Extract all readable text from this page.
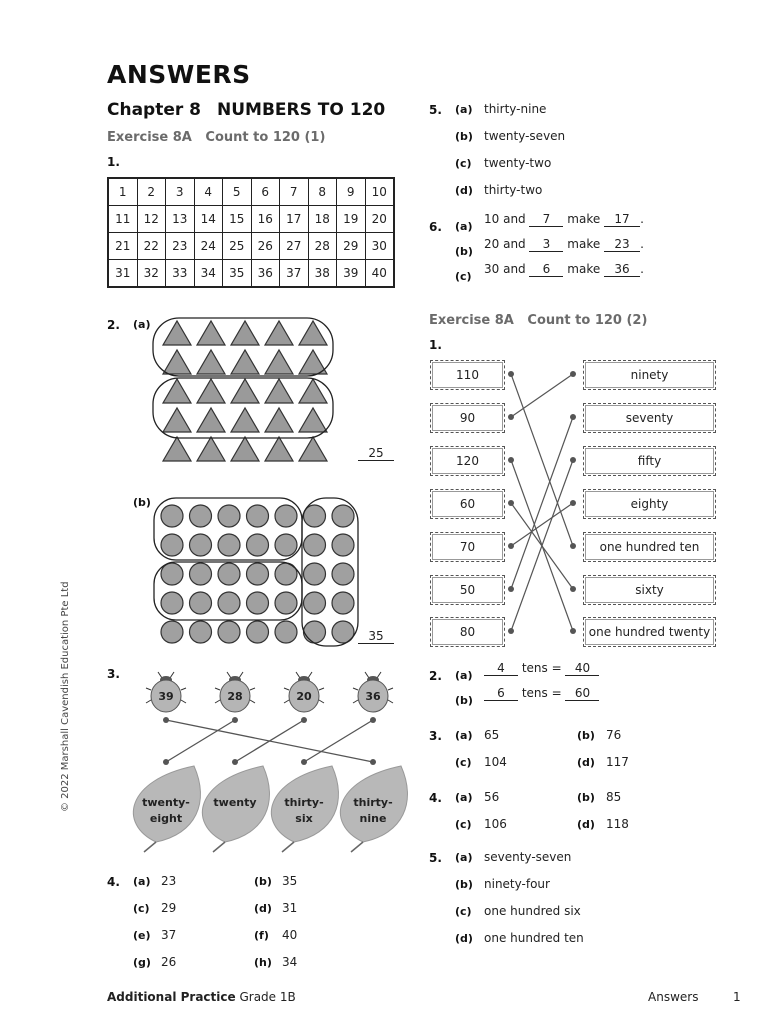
ANSWERS
Chapter 8 NUMBERS TO 120
Exercise 8A   Count to 120 (1)
1.
1	2	3	4	5	6	7	8	9	10
11	12	13	14	15	16	17	18	19	20
21	22	23	24	25	26	27	28	29	30
31	32	33	34	35	36	37	38	39	40
2. (a)
25
(b)
35
3.
39	28	20	36
twenty-
eight
twenty	thirty-
six
thirty-
nine
4. (a) 23	(b) 35
(c) 29	(d) 31
(e) 37	(f) 40
(g) 26	(h) 34
5. (a) thirty-nine
(b) twenty-seven
(c) twenty-two
(d) thirty-two
6. (a)
10 and 7 make 17 .
(b)
20 and 3 make 23 .
(c)
30 and 6 make 36 .
Exercise 8A   Count to 120 (2)
1.
110
90
120
60
70
50
80
ninety
seventy
fifty
eighty
one hundred ten
sixty
one hundred twenty
2. (a)
4 tens = 40
(b)
6 tens = 60
3. (a) 65	(b) 76
(c) 104	(d) 117
4. (a) 56	(b) 85
(c) 106	(d) 118
5. (a) seventy-seven
(b) ninety-four
(c) one hundred six
(d) one hundred ten
Additional Practice Grade 1B	Answers	1
© 2022 Marshall Cavendish Education Pte Ltd
